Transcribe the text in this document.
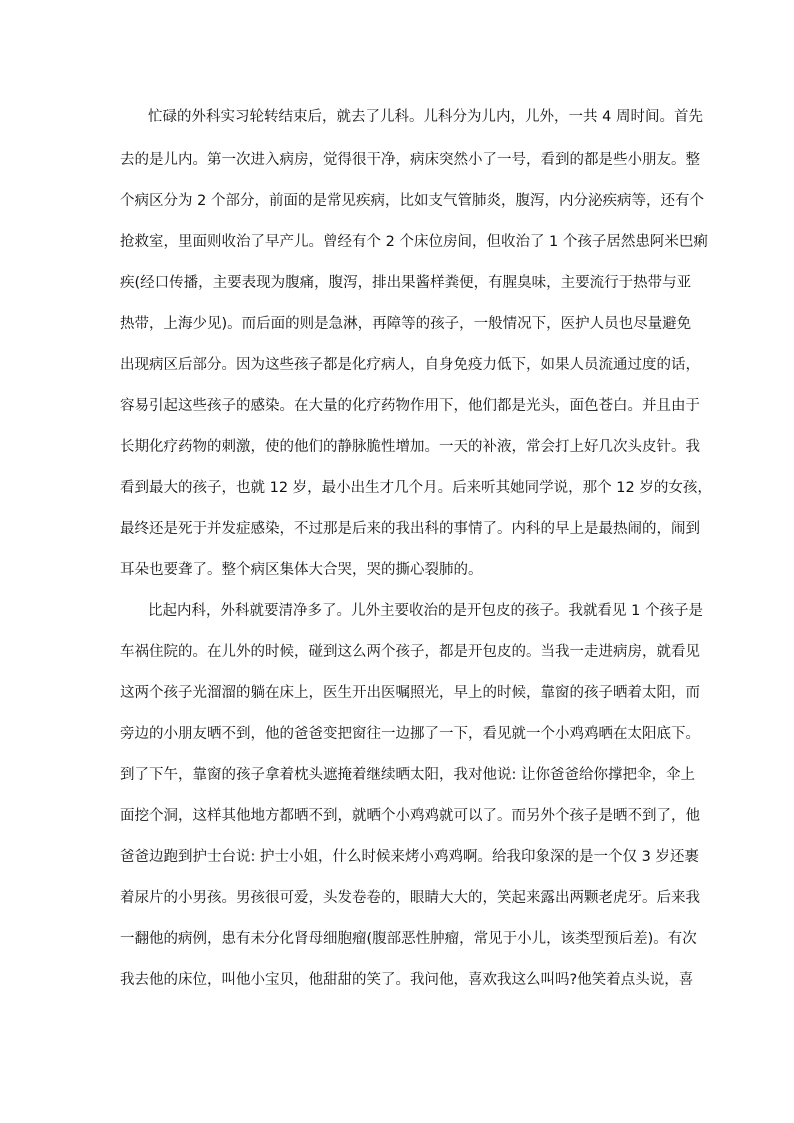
忙碌的外科实习轮转结束后，就去了儿科。儿科分为儿内，儿外，一共 4 周时间。首先
去的是儿内。第一次进入病房，觉得很干净，病床突然小了一号，看到的都是些小朋友。整
个病区分为 2 个部分，前面的是常见疾病，比如支气管肺炎，腹泻，内分泌疾病等，还有个
抢救室，里面则收治了早产儿。曾经有个 2 个床位房间，但收治了 1 个孩子居然患阿米巴痢
疾(经口传播，主要表现为腹痛，腹泻，排出果酱样粪便，有腥臭味，主要流行于热带与亚
热带，上海少见)。而后面的则是急淋，再障等的孩子，一般情况下，医护人员也尽量避免
出现病区后部分。因为这些孩子都是化疗病人，自身免疫力低下，如果人员流通过度的话，
容易引起这些孩子的感染。在大量的化疗药物作用下，他们都是光头，面色苍白。并且由于
长期化疗药物的刺激，使的他们的静脉脆性增加。一天的补液，常会打上好几次头皮针。我
看到最大的孩子，也就 12 岁，最小出生才几个月。后来听其她同学说，那个 12 岁的女孩，
最终还是死于并发症感染，不过那是后来的我出科的事情了。内科的早上是最热闹的，闹到
耳朵也要聋了。整个病区集体大合哭，哭的撕心裂肺的。
比起内科，外科就要清净多了。儿外主要收治的是开包皮的孩子。我就看见 1 个孩子是
车祸住院的。在儿外的时候，碰到这么两个孩子，都是开包皮的。当我一走进病房，就看见
这两个孩子光溜溜的躺在床上，医生开出医嘱照光，早上的时候，靠窗的孩子晒着太阳，而
旁边的小朋友晒不到，他的爸爸变把窗往一边挪了一下，看见就一个小鸡鸡晒在太阳底下。
到了下午，靠窗的孩子拿着枕头遮掩着继续晒太阳，我对他说: 让你爸爸给你撑把伞，伞上
面挖个洞，这样其他地方都晒不到，就晒个小鸡鸡就可以了。而另外个孩子是晒不到了，他
爸爸边跑到护士台说: 护士小姐，什么时候来烤小鸡鸡啊。给我印象深的是一个仅 3 岁还裹
着尿片的小男孩。男孩很可爱，头发卷卷的，眼睛大大的，笑起来露出两颗老虎牙。后来我
一翻他的病例，患有未分化肾母细胞瘤(腹部恶性肿瘤，常见于小儿，该类型预后差)。有次
我去他的床位，叫他小宝贝，他甜甜的笑了。我问他，喜欢我这么叫吗?他笑着点头说，喜
